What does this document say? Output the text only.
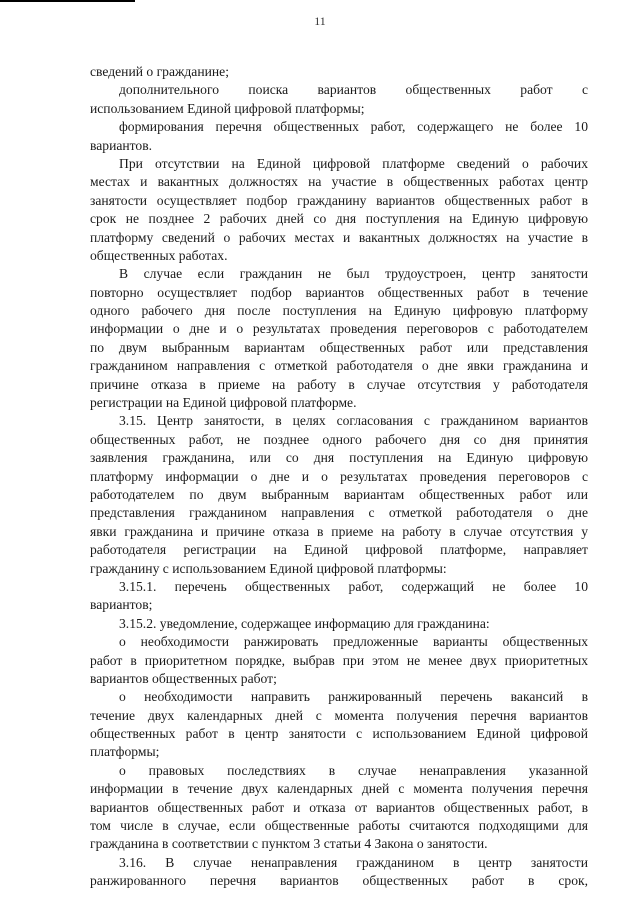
11
сведений о гражданине;
дополнительного поиска вариантов общественных работ с
использованием Единой цифровой платформы;
формирования перечня общественных работ, содержащего не более 10
вариантов.
При отсутствии на Единой цифровой платформе сведений о рабочих
местах и вакантных должностях на участие в общественных работах центр
занятости осуществляет подбор гражданину вариантов общественных работ в
срок не позднее 2 рабочих дней со дня поступления на Единую цифровую
платформу сведений о рабочих местах и вакантных должностях на участие в
общественных работах.
В случае если гражданин не был трудоустроен, центр занятости
повторно осуществляет подбор вариантов общественных работ в течение
одного рабочего дня после поступления на Единую цифровую платформу
информации о дне и о результатах проведения переговоров с работодателем
по двум выбранным вариантам общественных работ или представления
гражданином направления с отметкой работодателя о дне явки гражданина и
причине отказа в приеме на работу в случае отсутствия у работодателя
регистрации на Единой цифровой платформе.
3.15. Центр занятости, в целях согласования с гражданином вариантов
общественных работ, не позднее одного рабочего дня со дня принятия
заявления гражданина, или со дня поступления на Единую цифровую
платформу информации о дне и о результатах проведения переговоров с
работодателем по двум выбранным вариантам общественных работ или
представления гражданином направления с отметкой работодателя о дне
явки гражданина и причине отказа в приеме на работу в случае отсутствия у
работодателя регистрации на Единой цифровой платформе, направляет
гражданину с использованием Единой цифровой платформы:
3.15.1. перечень общественных работ, содержащий не более 10
вариантов;
3.15.2. уведомление, содержащее информацию для гражданина:
о необходимости ранжировать предложенные варианты общественных
работ в приоритетном порядке, выбрав при этом не менее двух приоритетных
вариантов общественных работ;
о необходимости направить ранжированный перечень вакансий в
течение двух календарных дней с момента получения перечня вариантов
общественных работ в центр занятости с использованием Единой цифровой
платформы;
о правовых последствиях в случае ненаправления указанной
информации в течение двух календарных дней с момента получения перечня
вариантов общественных работ и отказа от вариантов общественных работ, в
том числе в случае, если общественные работы считаются подходящими для
гражданина в соответствии с пунктом 3 статьи 4 Закона о занятости.
3.16. В случае ненаправления гражданином в центр занятости
ранжированного перечня вариантов общественных работ в срок,
